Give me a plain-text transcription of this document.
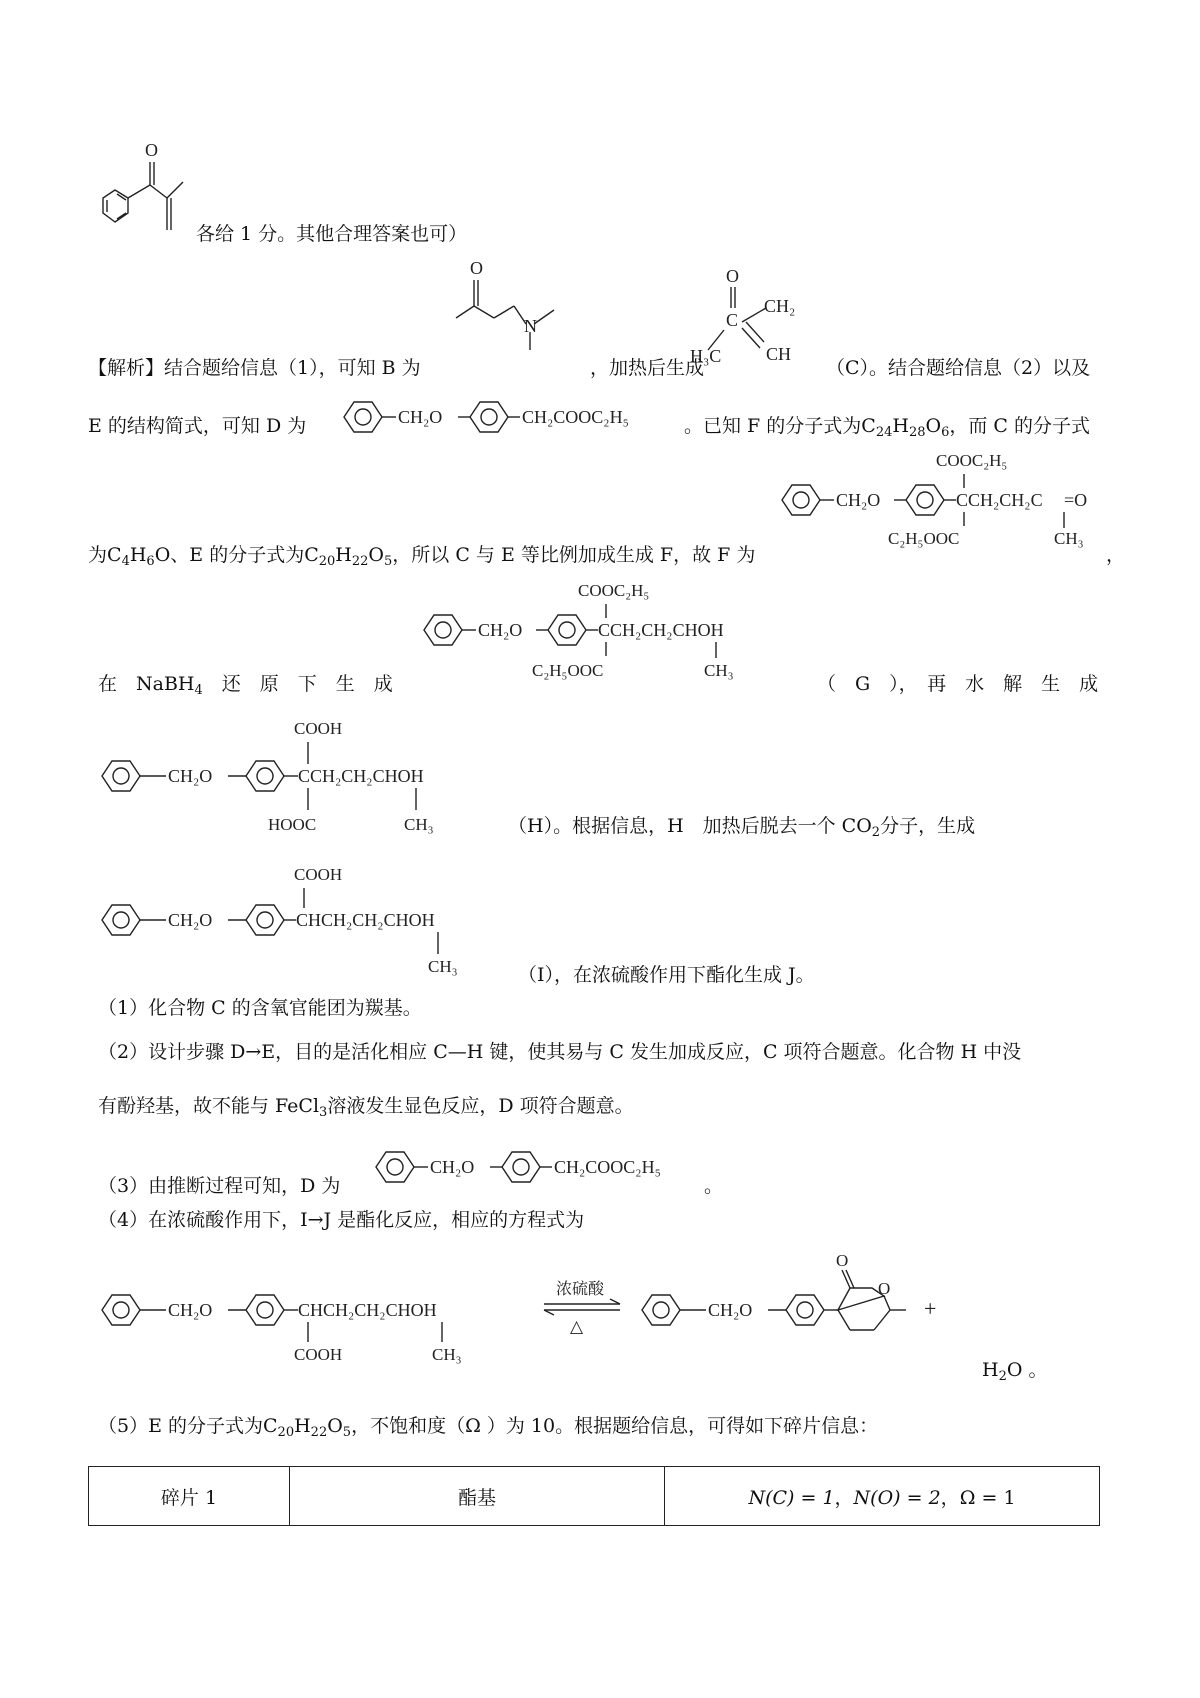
O
各给 1 分。其他合理答案也可）
O
N
O
C
CH₂
CH
H₃C
【解析】结合题给信息（1），可知 B 为	，加热后生成	（C）。结合题给信息（2）以及
E 的结构简式，可知 D 为	CH₂O	CH₂COOC₂H₅	。已知 F 的分子式为$C_{24}H_{28}O_6$，而 C 的分子式
CH₂O	CCH₂CH₂C
COOC₂H₅
C₂H₅OOC
=O
CH₃
为$C_4H_6O$、E 的分子式为$C_{20}H_{22}O_5$，所以 C 与 E 等比例加成生成 F，故 F 为	，
CH₂O	CCH₂CH₂CHOH
COOC₂H₅
C₂H₅OOC	CH₃
在　NaBH$_4$　还　原　下　生　成	（　G　），　再　水　解　生　成
CH₂O	CCH₂CH₂CHOH
COOH
HOOC	CH₃	（H）。根据信息，H　加热后脱去一个 $CO_2$分子，生成
CH₂O	CHCH₂CH₂CHOH
COOH
CH₃	（I），在浓硫酸作用下酯化生成 J。
（1）化合物 C 的含氧官能团为羰基。
（2）设计步骤 D→E，目的是活化相应 C—H 键，使其易与 C 发生加成反应，C 项符合题意。化合物 H 中没
有酚羟基，故不能与 FeCl$_3$溶液发生显色反应，D 项符合题意。
（3）由推断过程可知，D 为
CH₂O	CH₂COOC₂H₅
。
（4）在浓硫酸作用下，I→J 是酯化反应，相应的方程式为
CH₂O	CHCH₂CH₂CHOH
COOH	CH₃
浓硫酸
△
CH₂O
O
O
+
$H_2O$ 。
（5）E 的分子式为$C_{20}H_{22}O_5$，不饱和度（Ω ）为 10。根据题给信息，可得如下碎片信息：
碎片 1	酯基	N(C) = 1，N(O) = 2，Ω = 1
